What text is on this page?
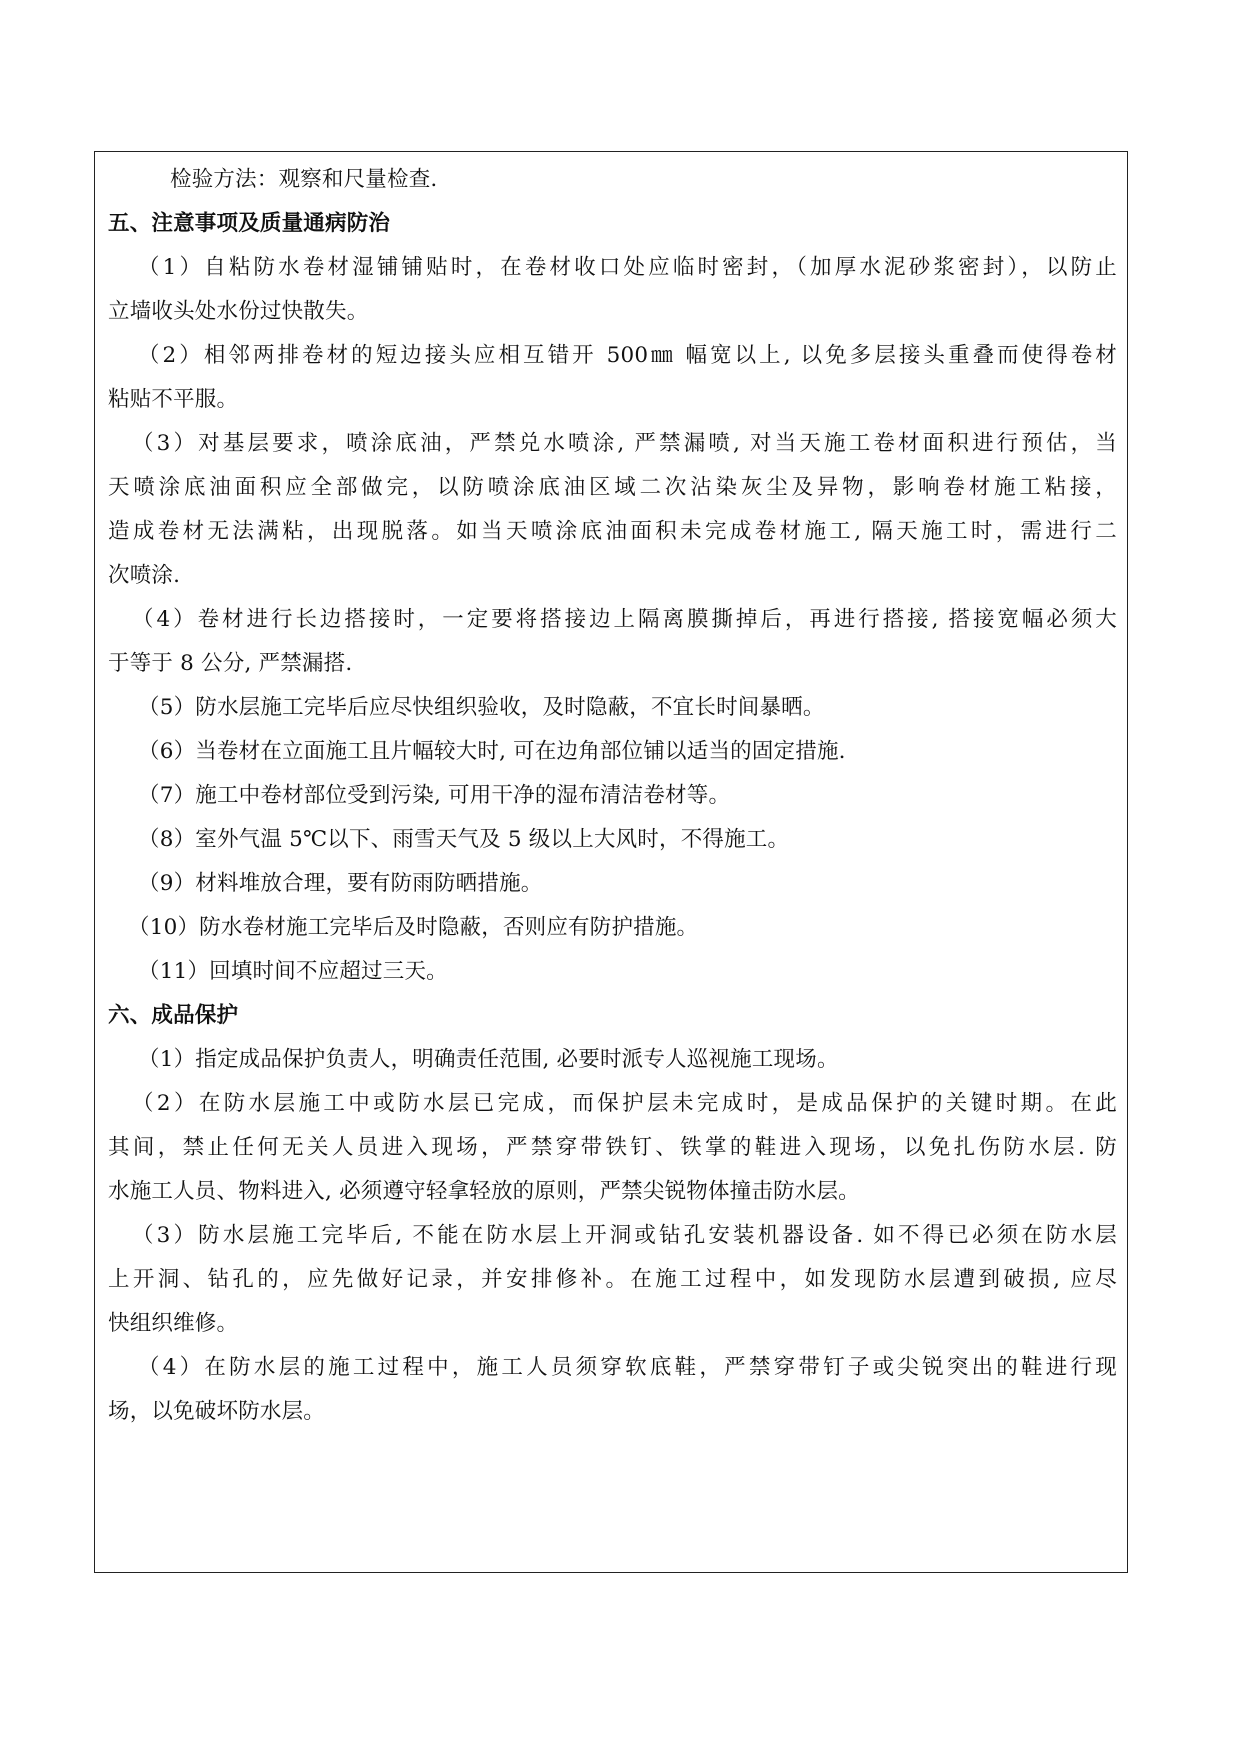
检验方法：观察和尺量检查.
五、注意事项及质量通病防治
（1）自粘防水卷材湿铺铺贴时，在卷材收口处应临时密封，（加厚水泥砂浆密封），以防止
立墙收头处水份过快散失。
（2）相邻两排卷材的短边接头应相互错开 500㎜ 幅宽以上, 以免多层接头重叠而使得卷材
粘贴不平服。
（3）对基层要求，喷涂底油，严禁兑水喷涂, 严禁漏喷, 对当天施工卷材面积进行预估，当
天喷涂底油面积应全部做完，以防喷涂底油区域二次沾染灰尘及异物，影响卷材施工粘接，
造成卷材无法满粘，出现脱落。如当天喷涂底油面积未完成卷材施工, 隔天施工时，需进行二
次喷涂.
（4）卷材进行长边搭接时，一定要将搭接边上隔离膜撕掉后，再进行搭接, 搭接宽幅必须大
于等于 8 公分, 严禁漏搭.
（5）防水层施工完毕后应尽快组织验收，及时隐蔽，不宜长时间暴晒。
（6）当卷材在立面施工且片幅较大时, 可在边角部位铺以适当的固定措施.
（7）施工中卷材部位受到污染, 可用干净的湿布清洁卷材等。
（8）室外气温 5℃以下、雨雪天气及 5 级以上大风时，不得施工。
（9）材料堆放合理，要有防雨防晒措施。
（10）防水卷材施工完毕后及时隐蔽，否则应有防护措施。
（11）回填时间不应超过三天。
六、成品保护
（1）指定成品保护负责人，明确责任范围, 必要时派专人巡视施工现场。
（2）在防水层施工中或防水层已完成，而保护层未完成时，是成品保护的关键时期。在此
其间，禁止任何无关人员进入现场，严禁穿带铁钉、铁掌的鞋进入现场，以免扎伤防水层. 防
水施工人员、物料进入, 必须遵守轻拿轻放的原则，严禁尖锐物体撞击防水层。
（3）防水层施工完毕后, 不能在防水层上开洞或钻孔安装机器设备. 如不得已必须在防水层
上开洞、钻孔的，应先做好记录，并安排修补。在施工过程中，如发现防水层遭到破损, 应尽
快组织维修。
（4）在防水层的施工过程中，施工人员须穿软底鞋，严禁穿带钉子或尖锐突出的鞋进行现
场，以免破坏防水层。
